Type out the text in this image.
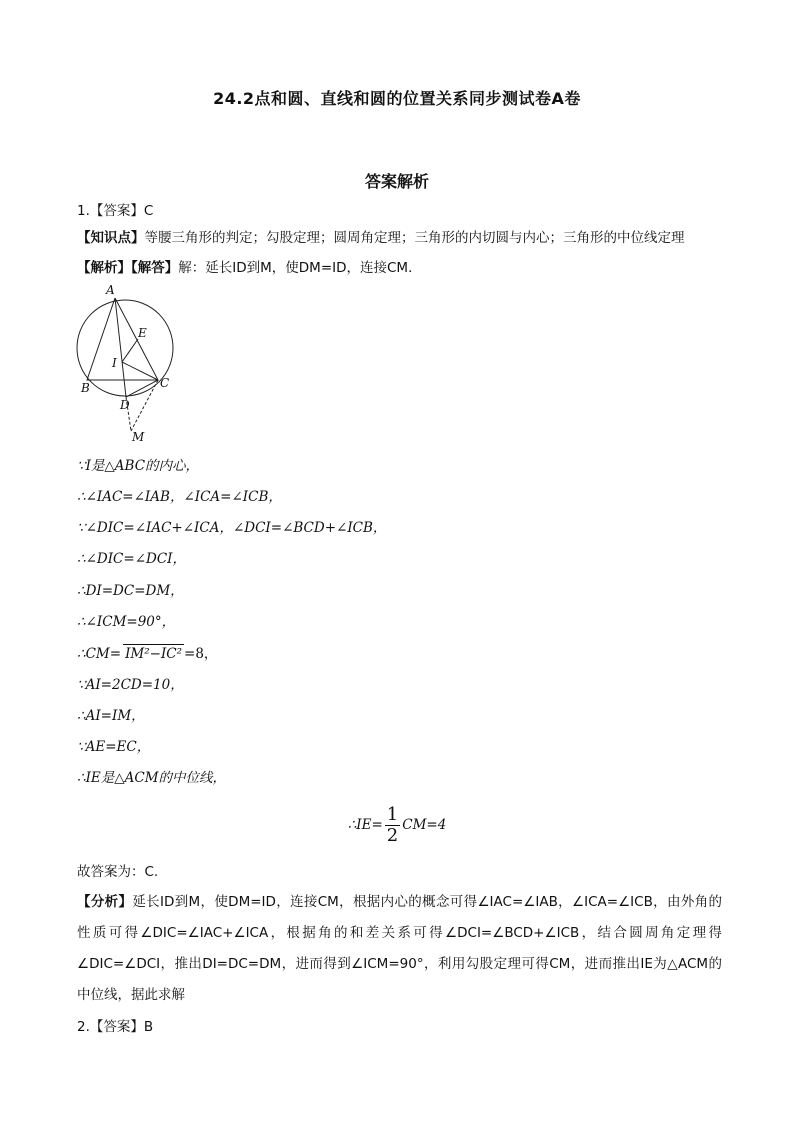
24.2点和圆、直线和圆的位置关系同步测试卷A卷
答案解析
1.【答案】C
【知识点】等腰三角形的判定；勾股定理；圆周角定理；三角形的内切圆与内心；三角形的中位线定理
【解析】【解答】解：延长ID到M，使DM=ID，连接CM．
A
E
I
B	C
D
M
∵I是△ABC的内心，
∴∠IAC=∠IAB，∠ICA=∠ICB，
∵∠DIC=∠IAC+∠ICA，∠DCI=∠BCD+∠ICB，
∴∠DIC=∠DCI，
∴DI=DC=DM，
∴∠ICM=90°，
∴CM= IM²−IC² =8，
∵AI=2CD=10，
∴AI=IM，
∵AE=EC，
∴IE是△ACM的中位线，
∴IE= $\frac{1}{2} CM=4$
故答案为：C.
【分析】延长ID到M，使DM=ID，连接CM，根据内心的概念可得∠IAC=∠IAB，∠ICA=∠ICB，由外角的性质可得∠DIC=∠IAC+∠ICA，根据角的和差关系可得∠DCI=∠BCD+∠ICB，结合圆周角定理得∠DIC=∠DCI，推出DI=DC=DM，进而得到∠ICM=90°，利用勾股定理可得CM，进而推出IE为△ACM的中位线，据此求解
2.【答案】B
